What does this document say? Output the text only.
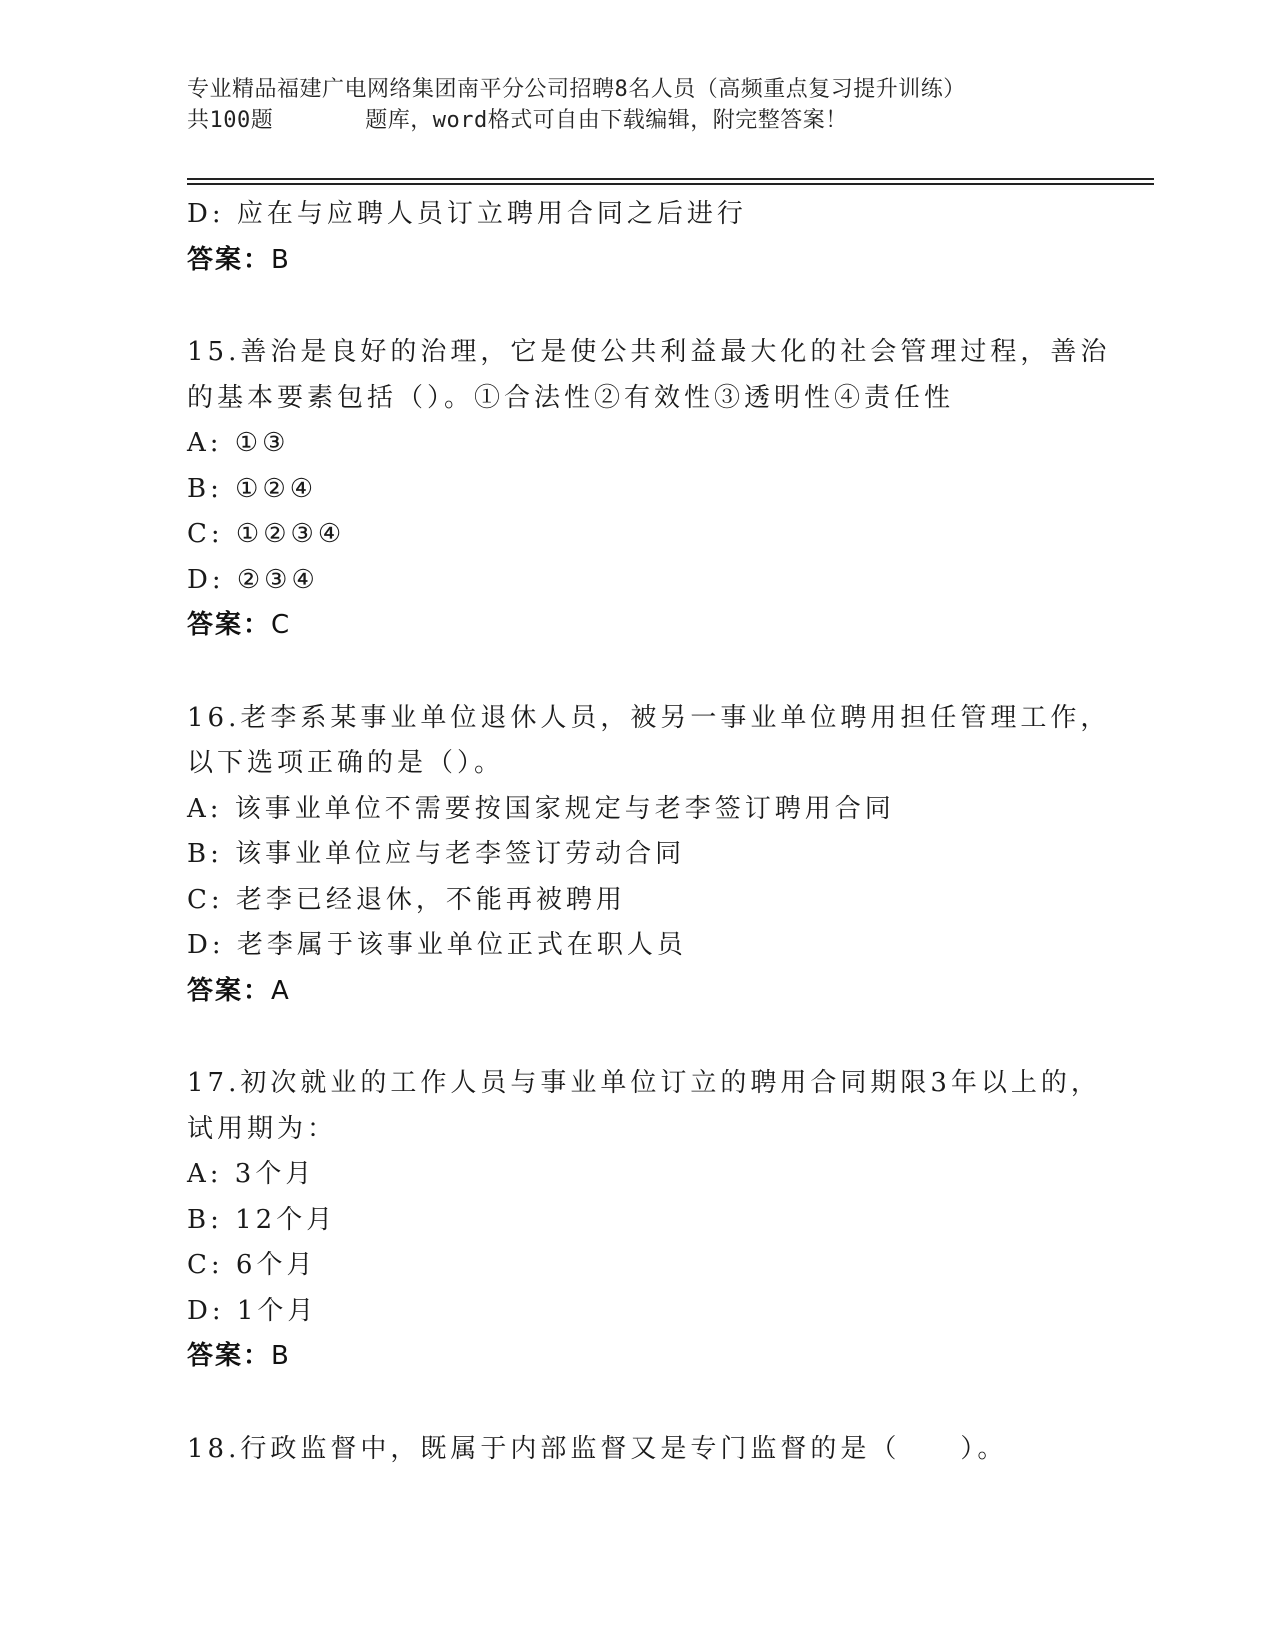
专业精品福建广电网络集团南平分公司招聘8名人员（高频重点复习提升训练）
共100题	题库，word格式可自由下载编辑，附完整答案！
D: 应在与应聘人员订立聘用合同之后进行
答案：B
15.善治是良好的治理，它是使公共利益最大化的社会管理过程，善治
的基本要素包括（）。①合法性②有效性③透明性④责任性
A: ①③
B: ①②④
C: ①②③④
D: ②③④
答案：C
16.老李系某事业单位退休人员，被另一事业单位聘用担任管理工作，
以下选项正确的是（）。
A: 该事业单位不需要按国家规定与老李签订聘用合同
B: 该事业单位应与老李签订劳动合同
C: 老李已经退休，不能再被聘用
D: 老李属于该事业单位正式在职人员
答案：A
17.初次就业的工作人员与事业单位订立的聘用合同期限3年以上的，
试用期为：
A: 3个月
B: 12个月
C: 6个月
D: 1个月
答案：B
18.行政监督中，既属于内部监督又是专门监督的是（　　）。
